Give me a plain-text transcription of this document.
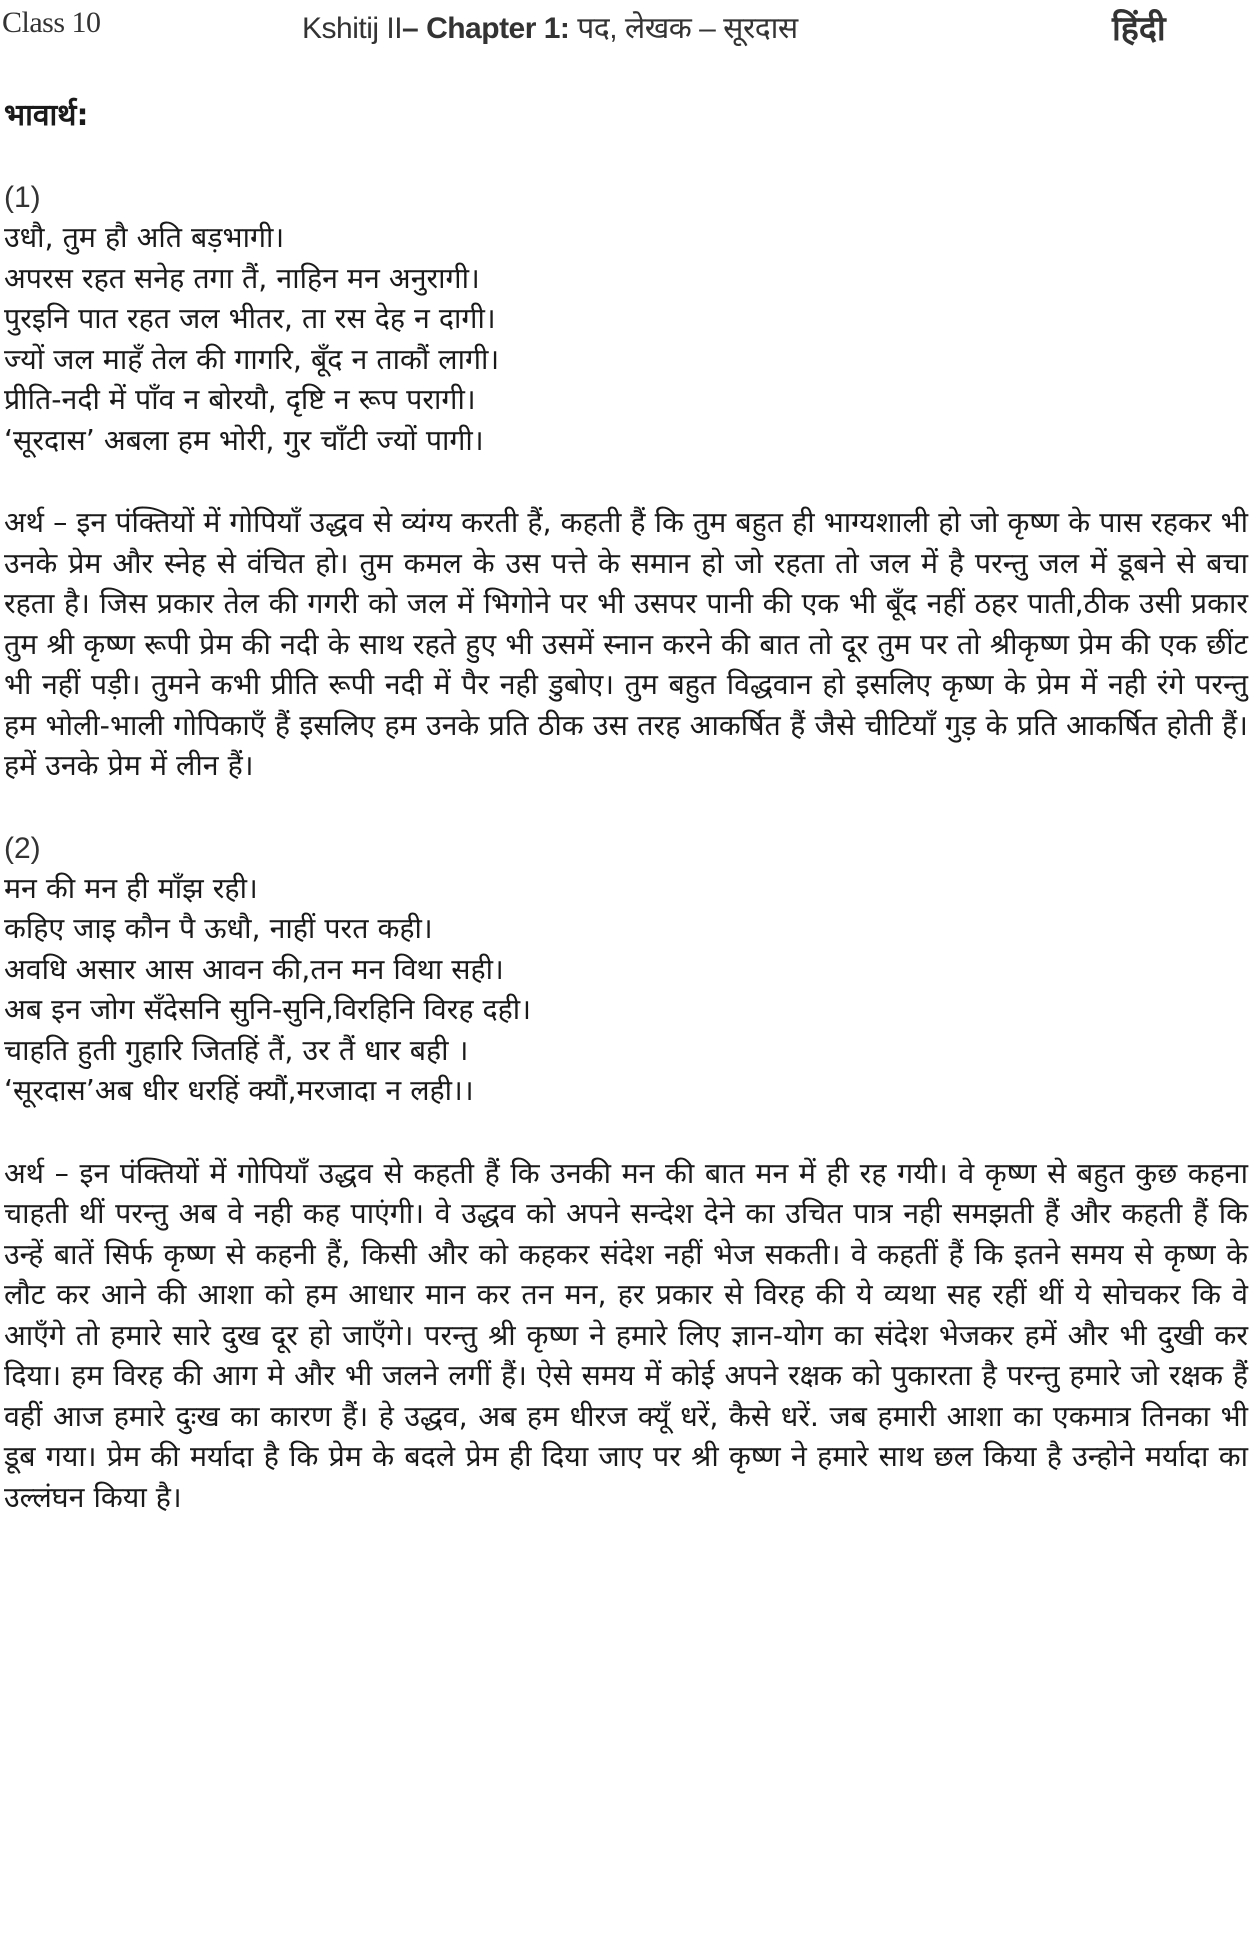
Class 10	Kshitij II– Chapter 1: पद, लेखक – सूरदास	हिंदी
भावार्थ:
(1)
उधौ, तुम हौ अति बड़भागी।
अपरस रहत सनेह तगा तैं, नाहिन मन अनुरागी।
पुरइनि पात रहत जल भीतर, ता रस देह न दागी।
ज्यों जल माहँ तेल की गागरि, बूँद न ताकौं लागी।
प्रीति-नदी में पाँव न बोरयौ, दृष्टि न रूप परागी।
‘सूरदास’ अबला हम भोरी, गुर चाँटी ज्यों पागी।

अर्थ – इन पंक्तियों में गोपियाँ उद्धव से व्यंग्य करती हैं, कहती हैं कि तुम बहुत ही भाग्यशाली हो जो कृष्ण के पास रहकर भी उनके प्रेम और स्नेह से वंचित हो। तुम कमल के उस पत्ते के समान हो जो रहता तो जल में है परन्तु जल में डूबने से बचा रहता है। जिस प्रकार तेल की गगरी को जल में भिगोने पर भी उसपर पानी की एक भी बूँद नहीं ठहर पाती,ठीक उसी प्रकार तुम श्री कृष्ण रूपी प्रेम की नदी के साथ रहते हुए भी उसमें स्नान करने की बात तो दूर तुम पर तो श्रीकृष्ण प्रेम की एक छींट भी नहीं पड़ी। तुमने कभी प्रीति रूपी नदी में पैर नही डुबोए। तुम बहुत विद्धवान हो इसलिए कृष्ण के प्रेम में नही रंगे परन्तु हम भोली-भाली गोपिकाएँ हैं इसलिए हम उनके प्रति ठीक उस तरह आकर्षित हैं जैसे चीटियाँ गुड़ के प्रति आकर्षित होती हैं। हमें उनके प्रेम में लीन हैं।

(2)
मन की मन ही माँझ रही।
कहिए जाइ कौन पै ऊधौ, नाहीं परत कही।
अवधि असार आस आवन की,तन मन विथा सही।
अब इन जोग सँदेसनि सुनि-सुनि,विरहिनि विरह दही।
चाहति हुती गुहारि जितहिं तैं, उर तैं धार बही ।
‘सूरदास’अब धीर धरहिं क्यौं,मरजादा न लही।।

अर्थ – इन पंक्तियों में गोपियाँ उद्धव से कहती हैं कि उनकी मन की बात मन में ही रह गयी। वे कृष्ण से बहुत कुछ कहना चाहती थीं परन्तु अब वे नही कह पाएंगी। वे उद्धव को अपने सन्देश देने का उचित पात्र नही समझती हैं और कहती हैं कि उन्हें बातें सिर्फ कृष्ण से कहनी हैं, किसी और को कहकर संदेश नहीं भेज सकती। वे कहतीं हैं कि इतने समय से कृष्ण के लौट कर आने की आशा को हम आधार मान कर तन मन, हर प्रकार से विरह की ये व्यथा सह रहीं थीं ये सोचकर कि वे आएँगे तो हमारे सारे दुख दूर हो जाएँगे। परन्तु श्री कृष्ण ने हमारे लिए ज्ञान-योग का संदेश भेजकर हमें और भी दुखी कर दिया। हम विरह की आग मे और भी जलने लगीं हैं। ऐसे समय में कोई अपने रक्षक को पुकारता है परन्तु हमारे जो रक्षक हैं वहीं आज हमारे दुःख का कारण हैं। हे उद्धव, अब हम धीरज क्यूँ धरें, कैसे धरें. जब हमारी आशा का एकमात्र तिनका भी डूब गया। प्रेम की मर्यादा है कि प्रेम के बदले प्रेम ही दिया जाए पर श्री कृष्ण ने हमारे साथ छल किया है उन्होने मर्यादा का उल्लंघन किया है।
